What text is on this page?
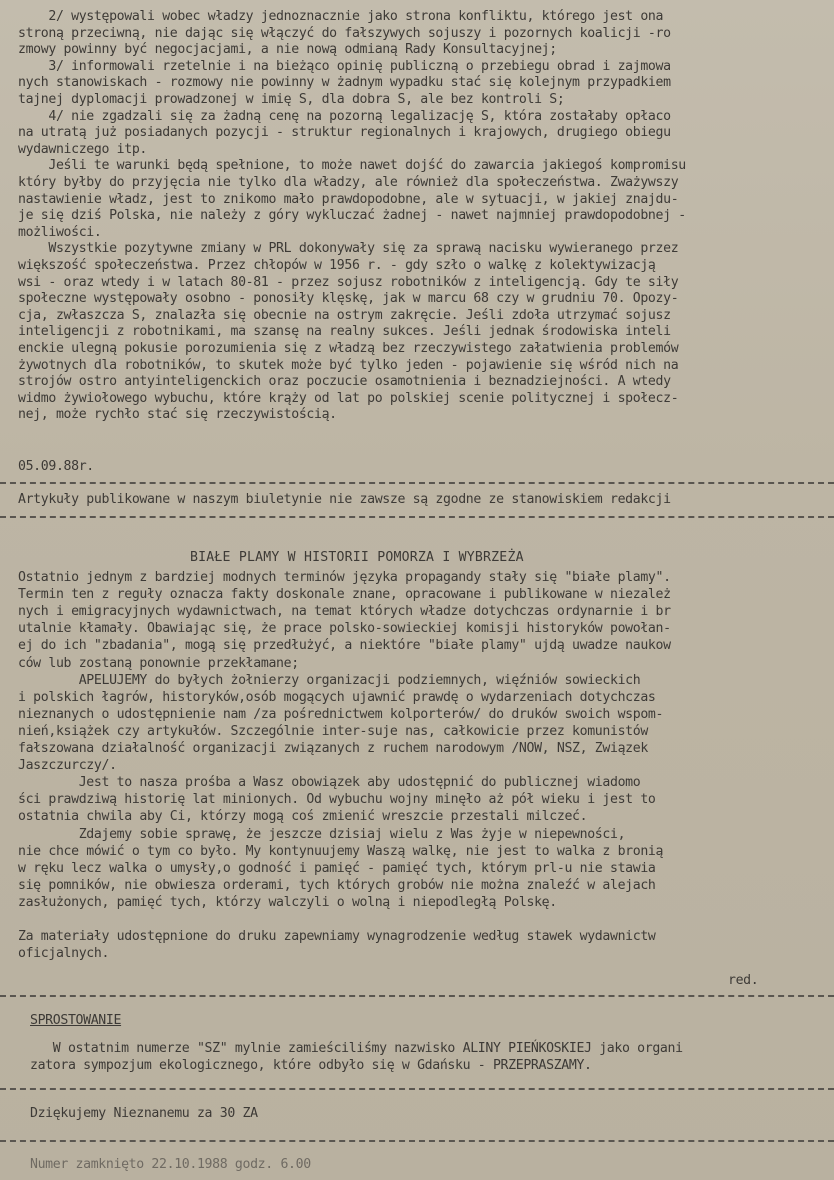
2/ występowali wobec władzy jednoznacznie jako strona konfliktu, którego jest ona
stroną przeciwną, nie dając się włączyć do fałszywych sojuszy i pozornych koalicji -ro
zmowy powinny być negocjacjami, a nie nową odmianą Rady Konsultacyjnej;
3/ informowali rzetelnie i na bieżąco opinię publiczną o przebiegu obrad i zajmowa
nych stanowiskach - rozmowy nie powinny w żadnym wypadku stać się kolejnym przypadkiem
tajnej dyplomacji prowadzonej w imię S, dla dobra S, ale bez kontroli S;
4/ nie zgadzali się za żadną cenę na pozorną legalizację S, która zostałaby opłaco
na utratą już posiadanych pozycji - struktur regionalnych i krajowych, drugiego obiegu
wydawniczego itp.
Jeśli te warunki będą spełnione, to może nawet dojść do zawarcia jakiegoś kompromisu
który byłby do przyjęcia nie tylko dla władzy, ale również dla społeczeństwa. Zważywszy
nastawienie władz, jest to znikomo mało prawdopodobne, ale w sytuacji, w jakiej znajdu-
je się dziś Polska, nie należy z góry wykluczać żadnej - nawet najmniej prawdopodobnej -
możliwości.
Wszystkie pozytywne zmiany w PRL dokonywały się za sprawą nacisku wywieranego przez
większość społeczeństwa. Przez chłopów w 1956 r. - gdy szło o walkę z kolektywizacją
wsi - oraz wtedy i w latach 80-81 - przez sojusz robotników z inteligencją. Gdy te siły
społeczne występowały osobno - ponosiły klęskę, jak w marcu 68 czy w grudniu 70. Opozy-
cja, zwłaszcza S, znalazła się obecnie na ostrym zakręcie. Jeśli zdoła utrzymać sojusz
inteligencji z robotnikami, ma szansę na realny sukces. Jeśli jednak środowiska inteli
enckie ulegną pokusie porozumienia się z władzą bez rzeczywistego załatwienia problemów
żywotnych dla robotników, to skutek może być tylko jeden - pojawienie się wśród nich na
strojów ostro antyinteligenckich oraz poczucie osamotnienia i beznadziejności. A wtedy
widmo żywiołowego wybuchu, które krąży od lat po polskiej scenie politycznej i społecz-
nej, może rychło stać się rzeczywistością.
05.09.88r.
Artykuły publikowane w naszym biuletynie nie zawsze są zgodne ze stanowiskiem redakcji
BIAŁE PLAMY W HISTORII POMORZA I WYBRZEŻA
Ostatnio jednym z bardziej modnych terminów języka propagandy stały się "białe plamy".
Termin ten z reguły oznacza fakty doskonale znane, opracowane i publikowane w niezależ
nych i emigracyjnych wydawnictwach, na temat których władze dotychczas ordynarnie i br
utalnie kłamały. Obawiając się, że prace polsko-sowieckiej komisji historyków powołan-
ej do ich "zbadania", mogą się przedłużyć, a niektóre "białe plamy" ujdą uwadze naukow
ców lub zostaną ponownie przekłamane;
APELUJEMY do byłych żołnierzy organizacji podziemnych, więźniów sowieckich
i polskich łagrów, historyków,osób mogących ujawnić prawdę o wydarzeniach dotychczas
nieznanych o udostępnienie nam /za pośrednictwem kolporterów/ do druków swoich wspom-
nień,książek czy artykułów. Szczególnie inter-suje nas, całkowicie przez komunistów
fałszowana działalność organizacji związanych z ruchem narodowym /NOW, NSZ, Związek
Jaszczurczy/.
Jest to nasza prośba a Wasz obowiązek aby udostępnić do publicznej wiadomo
ści prawdziwą historię lat minionych. Od wybuchu wojny minęło aż pół wieku i jest to
ostatnia chwila aby Ci, którzy mogą coś zmienić wreszcie przestali milczeć.
Zdajemy sobie sprawę, że jeszcze dzisiaj wielu z Was żyje w niepewności,
nie chce mówić o tym co było. My kontynuujemy Waszą walkę, nie jest to walka z bronią
w ręku lecz walka o umysły,o godność i pamięć - pamięć tych, którym prl-u nie stawia
się pomników, nie obwiesza orderami, tych których grobów nie można znaleźć w alejach
zasłużonych, pamięć tych, którzy walczyli o wolną i niepodległą Polskę.
Za materiały udostępnione do druku zapewniamy wynagrodzenie według stawek wydawnictw
oficjalnych.
red.
SPROSTOWANIE
W ostatnim numerze "SZ" mylnie zamieściliśmy nazwisko ALINY PIEŃKOSKIEJ jako organi
zatora sympozjum ekologicznego, które odbyło się w Gdańsku - PRZEPRASZAMY.
Dziękujemy Nieznanemu za 30 ZA
Numer zamknięto 22.10.1988 godz. 6.00
